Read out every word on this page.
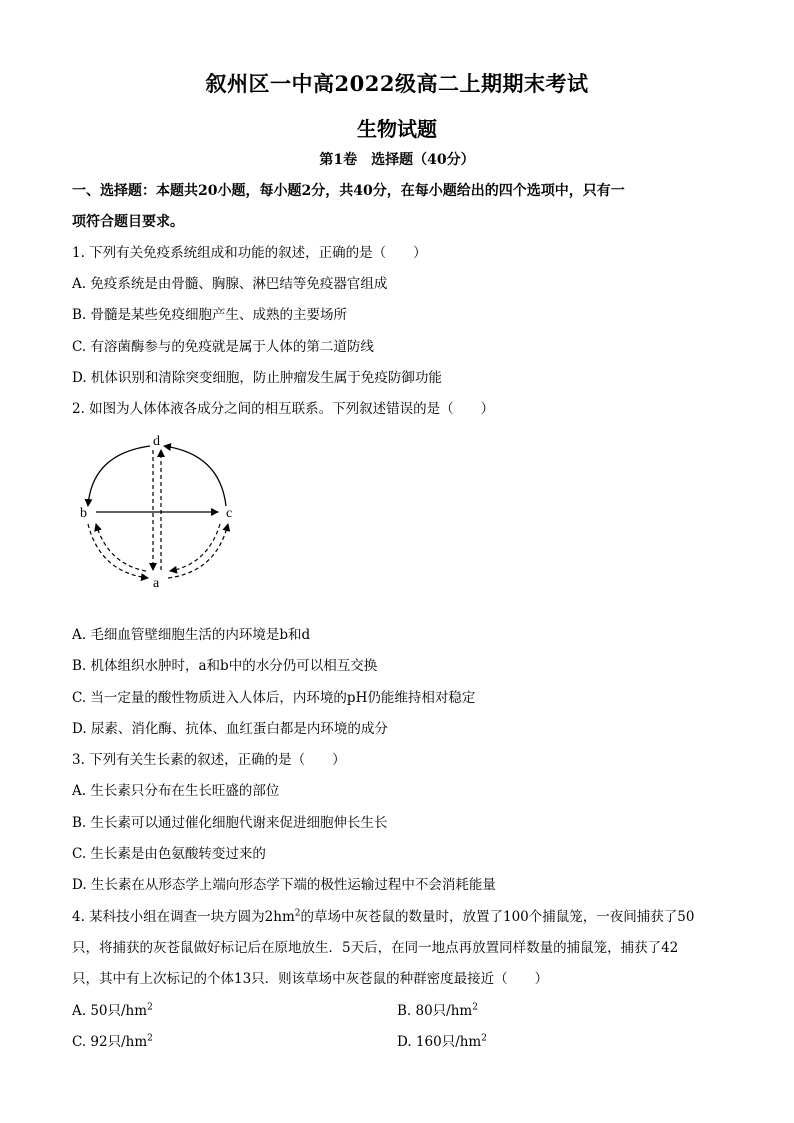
叙州区一中高2022级高二上期期末考试
生物试题
第1卷　选择题（40分）
一、选择题：本题共20小题，每小题2分，共40分，在每小题给出的四个选项中，只有一
项符合题目要求。
1. 下列有关免疫系统组成和功能的叙述，正确的是（　　）
A. 免疫系统是由骨髓、胸腺、淋巴结等免疫器官组成
B. 骨髓是某些免疫细胞产生、成熟的主要场所
C. 有溶菌酶参与的免疫就是属于人体的第二道防线
D. 机体识别和清除突变细胞，防止肿瘤发生属于免疫防御功能
2. 如图为人体体液各成分之间的相互联系。下列叙述错误的是（　　）
d
b	c
a
A. 毛细血管壁细胞生活的内环境是b和d
B. 机体组织水肿时，a和b中的水分仍可以相互交换
C. 当一定量的酸性物质进入人体后，内环境的pH仍能维持相对稳定
D. 尿素、消化酶、抗体、血红蛋白都是内环境的成分
3. 下列有关生长素的叙述，正确的是（　　）
A. 生长素只分布在生长旺盛的部位
B. 生长素可以通过催化细胞代谢来促进细胞伸长生长
C. 生长素是由色氨酸转变过来的
D. 生长素在从形态学上端向形态学下端的极性运输过程中不会消耗能量
4. 某科技小组在调查一块方圆为$2hm^2$的草场中灰苍鼠的数量时，放置了100个捕鼠笼，一夜间捕获了50
只，将捕获的灰苍鼠做好标记后在原地放生．5天后，在同一地点再放置同样数量的捕鼠笼，捕获了42
只，其中有上次标记的个体13只．则该草场中灰苍鼠的种群密度最接近（　　）
A. 50只$/hm^2$	B. 80只$/hm^2$
C. 92只$/hm^2$	D. 160只$/hm^2$
